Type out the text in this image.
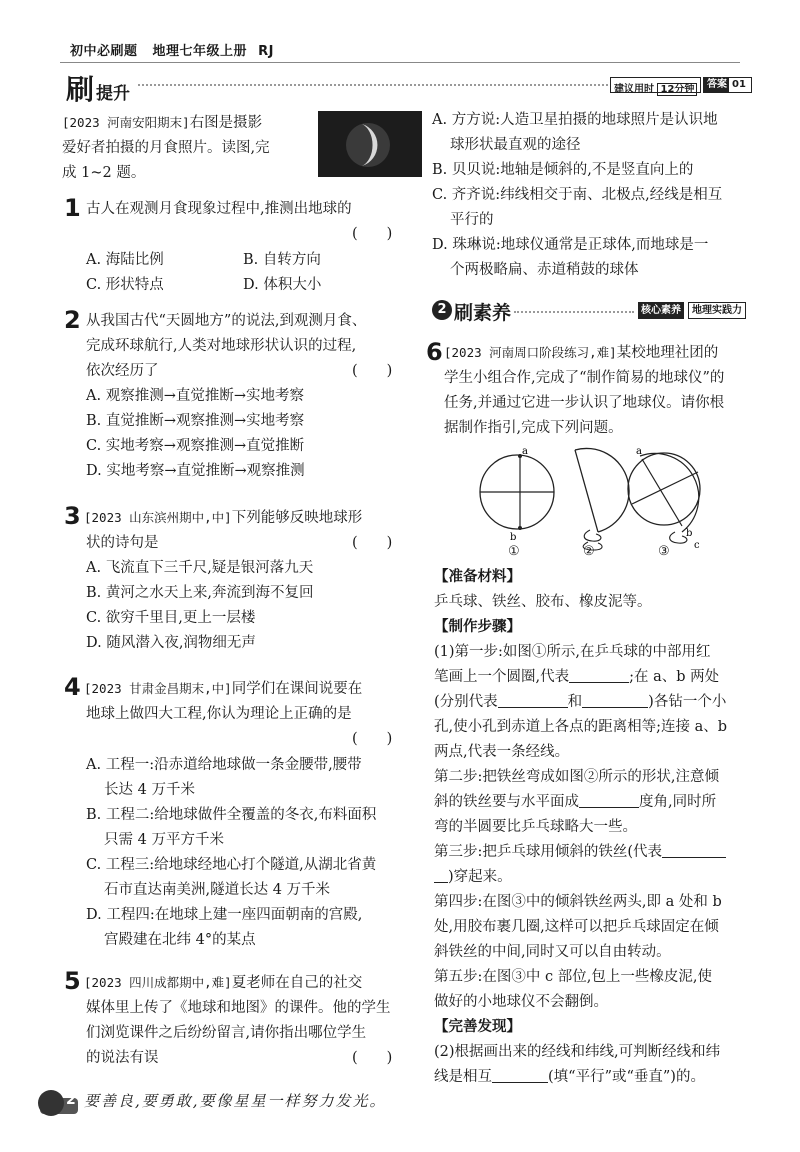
初中必刷题 地理七年级上册 RJ
刷提升	建议用时 12分钟	答案 01
[2023 河南安阳期末]右图是摄影
爱好者拍摄的月食照片。读图,完
成 1~2 题。
1 古人在观测月食现象过程中,推测出地球的
(　　)
A. 海陆比例	B. 自转方向
C. 形状特点	D. 体积大小
2 从我国古代“天圆地方”的说法,到观测月食、
完成环球航行,人类对地球形状认识的过程,
依次经历了	(　　)
A. 观察推测→直觉推断→实地考察
B. 直觉推断→观察推测→实地考察
C. 实地考察→观察推测→直觉推断
D. 实地考察→直觉推断→观察推测
3 [2023 山东滨州期中,中]下列能够反映地球形
状的诗句是	(　　)
A. 飞流直下三千尺,疑是银河落九天
B. 黄河之水天上来,奔流到海不复回
C. 欲穷千里目,更上一层楼
D. 随风潜入夜,润物细无声
4 [2023 甘肃金昌期末,中]同学们在课间说要在
地球上做四大工程,你认为理论上正确的是
(　　)
A. 工程一:沿赤道给地球做一条金腰带,腰带
长达 4 万千米
B. 工程二:给地球做件全覆盖的冬衣,布料面积
只需 4 万平方千米
C. 工程三:给地球经地心打个隧道,从湖北省黄
石市直达南美洲,隧道长达 4 万千米
D. 工程四:在地球上建一座四面朝南的宫殿,
宫殿建在北纬 4°的某点
5 [2023 四川成都期中,难]夏老师在自己的社交
媒体里上传了《地球和地图》的课件。他的学生
们浏览课件之后纷纷留言,请你指出哪位学生
的说法有误	(　　)
A. 方方说:人造卫星拍摄的地球照片是认识地
球形状最直观的途径
B. 贝贝说:地轴是倾斜的,不是竖直向上的
C. 齐齐说:纬线相交于南、北极点,经线是相互
平行的
D. 珠琳说:地球仪通常是正球体,而地球是一
个两极略扁、赤道稍鼓的球体
2 刷素养	核心素养	地理实践力
6 [2023 河南周口阶段练习,难]某校地理社团的
学生小组合作,完成了“制作简易的地球仪”的
任务,并通过它进一步认识了地球仪。请你根
据制作指引,完成下列问题。
a
b
a
b
c
①	②	③
【准备材料】
乒乓球、铁丝、胶布、橡皮泥等。
【制作步骤】
(1)第一步:如图①所示,在乒乓球的中部用红
笔画上一个圆圈,代表	;在 a、b 两处
(分别代表	和	)各钻一个小
孔,使小孔到赤道上各点的距离相等;连接 a、b
两点,代表一条经线。
第二步:把铁丝弯成如图②所示的形状,注意倾
斜的铁丝要与水平面成	度角,同时所
弯的半圆要比乒乓球略大一些。
第三步:把乒乓球用倾斜的铁丝(代表
)穿起来。
第四步:在图③中的倾斜铁丝两头,即 a 处和 b
处,用胶布裹几圈,这样可以把乒乓球固定在倾
斜铁丝的中间,同时又可以自由转动。
第五步:在图③中 c 部位,包上一些橡皮泥,使
做好的小地球仪不会翻倒。
【完善发现】
(2)根据画出来的经线和纬线,可判断经线和纬
线是相互	(填“平行”或“垂直”)的。
2 要善良,要勇敢,要像星星一样努力发光。
